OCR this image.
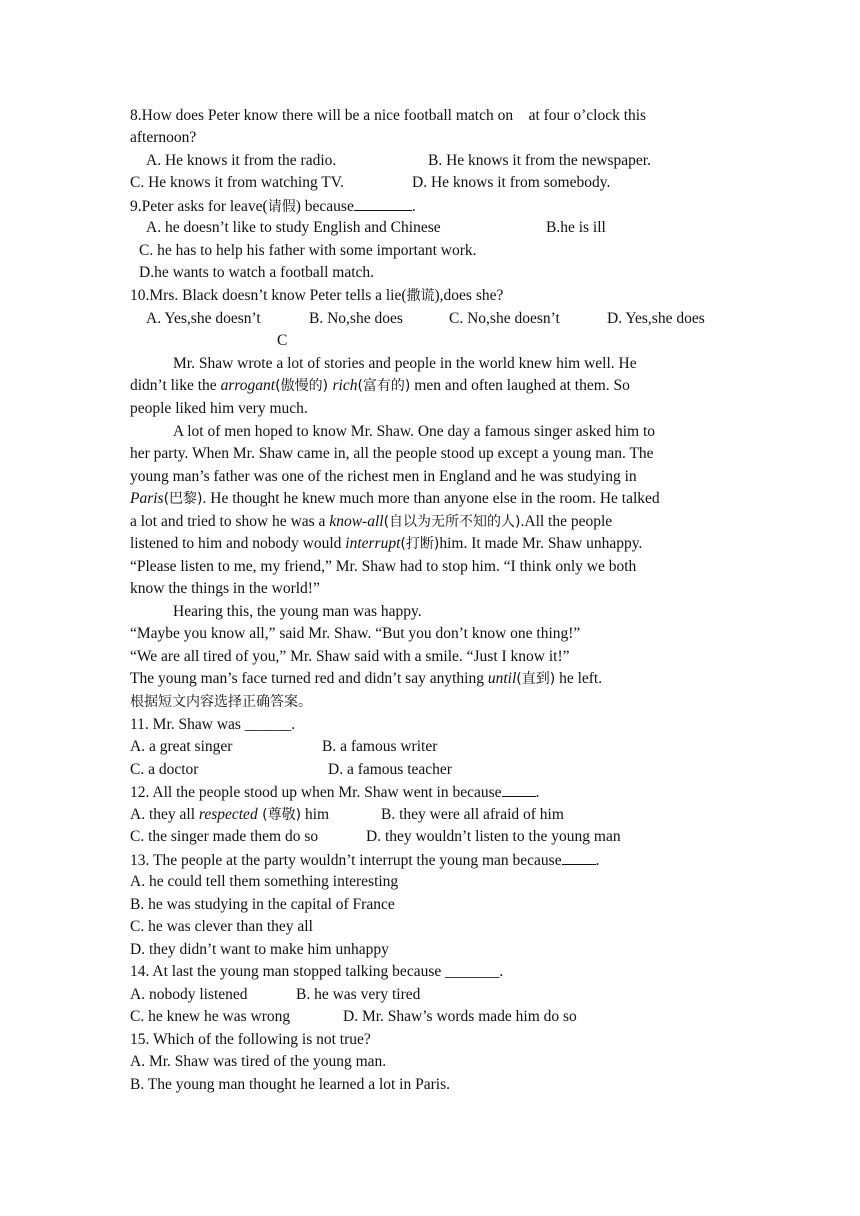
8.How does Peter know there will be a nice football match on    at four o’clock this
afternoon?
A. He knows it from the radio.	B. He knows it from the newspaper.
C. He knows it from watching TV.	D. He knows it from somebody.
9.Peter asks for leave(请假) because	.
A. he doesn’t like to study English and Chinese	B.he is ill
C. he has to help his father with some important work.
D.he wants to watch a football match.
10.Mrs. Black doesn’t know Peter tells a lie(撒谎),does she?
A. Yes,she doesn’t	B. No,she does	C. No,she doesn’t	D. Yes,she does
C
Mr. Shaw wrote a lot of stories and people in the world knew him well. He
didn’t like the arrogant(傲慢的) rich(富有的) men and often laughed at them. So
people liked him very much.
A lot of men hoped to know Mr. Shaw. One day a famous singer asked him to
her party. When Mr. Shaw came in, all the people stood up except a young man. The
young man’s father was one of the richest men in England and he was studying in
Paris(巴黎). He thought he knew much more than anyone else in the room. He talked
a lot and tried to show he was a know-all(自以为无所不知的人).All the people
listened to him and nobody would interrupt(打断)him. It made Mr. Shaw unhappy.
“Please listen to me, my friend,” Mr. Shaw had to stop him. “I think only we both
know the things in the world!”
Hearing this, the young man was happy.
“Maybe you know all,” said Mr. Shaw. “But you don’t know one thing!”
“We are all tired of you,” Mr. Shaw said with a smile. “Just I know it!”
The young man’s face turned red and didn’t say anything until(直到) he left.
根据短文内容选择正确答案。
11. Mr. Shaw was ______.
A. a great singer	B. a famous writer
C. a doctor	D. a famous teacher
12. All the people stood up when Mr. Shaw went in because .
A. they all respected (尊敬) him	B. they were all afraid of him
C. the singer made them do so	D. they wouldn’t listen to the young man
13. The people at the party wouldn’t interrupt the young man because .
A. he could tell them something interesting
B. he was studying in the capital of France
C. he was clever than they all
D. they didn’t want to make him unhappy
14. At last the young man stopped talking because _______.
A. nobody listened	B. he was very tired
C. he knew he was wrong	D. Mr. Shaw’s words made him do so
15. Which of the following is not true?
A. Mr. Shaw was tired of the young man.
B. The young man thought he learned a lot in Paris.
